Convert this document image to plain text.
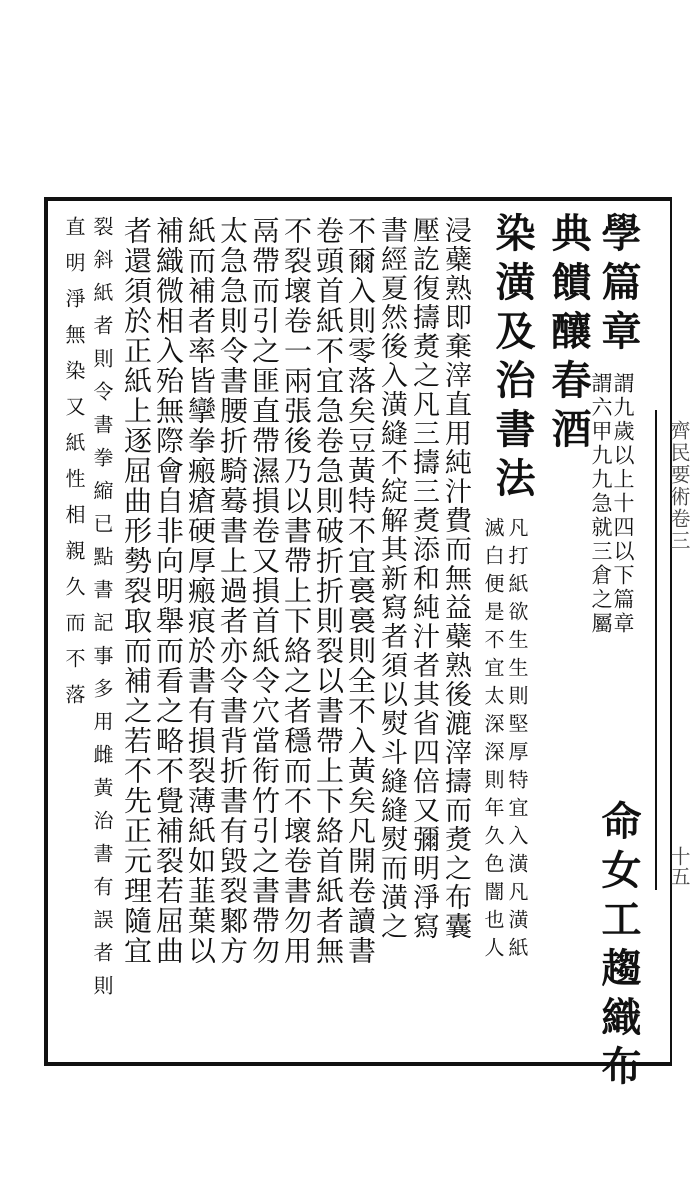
齊民要術卷三
十五
學篇章
謂九歲以上十四以下篇章
謂六甲九九急就三倉之屬
命女工趨織布
典饋釀春酒
染潢及治書法
凡打紙欲生生則堅厚特宜入潢凡潢紙
滅白便是不宜太深深則年久色闇也人
浸蘗熟即棄滓直用純汁費而無益蘗熟後漉滓擣而煑之布囊
壓訖復擣煑之凡三擣三煑添和純汁者其省四倍又彌明淨寫
書經夏然後入潢縫不綻解其新寫者須以熨斗縫縫熨而潢之
不爾入則零落矣豆黃特不宜裛裛則全不入黃矣凡開卷讀書
卷頭首紙不宜急卷急則破折折則裂以書帶上下絡首紙者無
不裂壞卷一兩張後乃以書帶上下絡之者穩而不壞卷書勿用
鬲帶而引之匪直帶濕損卷又損首紙令穴當衔竹引之書帶勿
太急急則令書腰折騎蓦書上過者亦令書背折書有毀裂鄹方
紙而補者率皆攣拳瘢瘡硬厚瘢痕於書有損裂薄紙如韮葉以
補織微相入殆無際會自非向明舉而看之略不覺補裂若屈曲
者還須於正紙上逐屈曲形勢裂取而補之若不先正元理隨宜
裂斜紙者則令書拳縮已點書記事多用雌黃治書有誤者則
直明淨無染又紙性相親久而不落
